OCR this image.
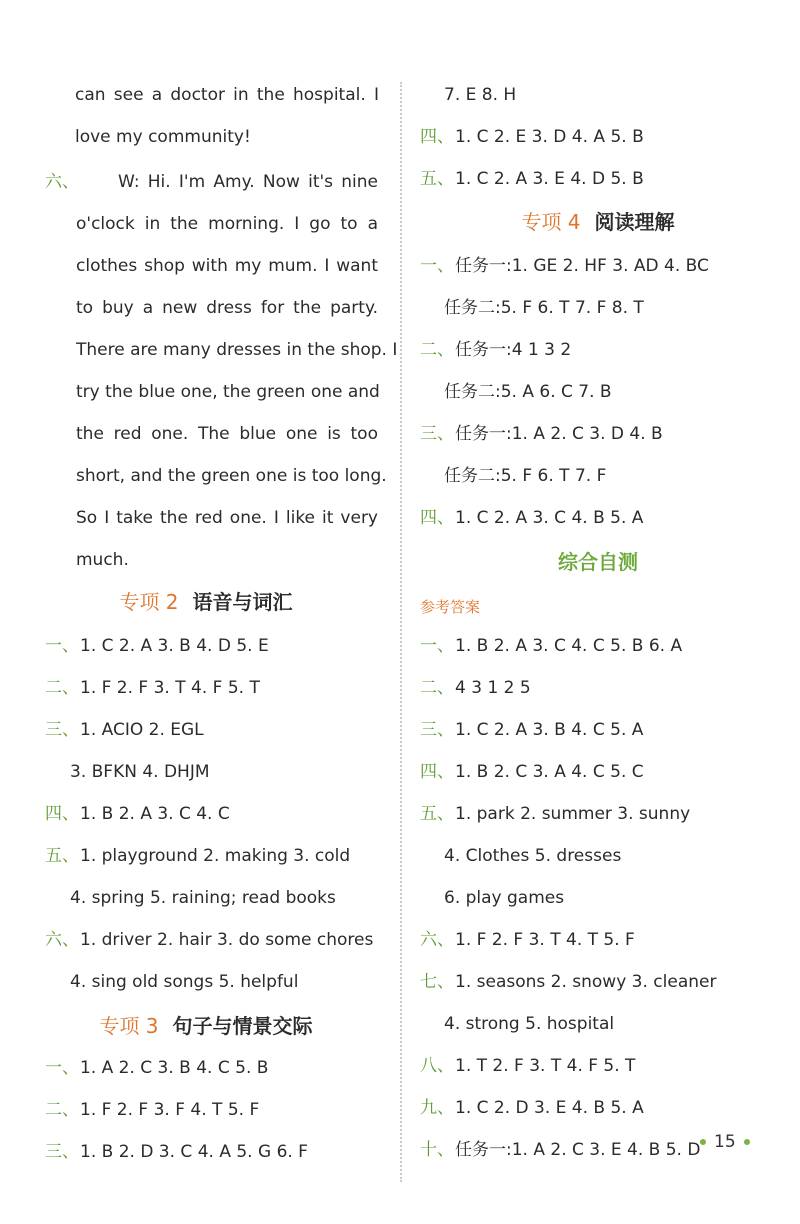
can see a doctor in the hospital. I
love my community!
六、 W: Hi. I'm Amy. Now it's nine
o'clock in the morning. I go to a
clothes shop with my mum. I want
to buy a new dress for the party.
There are many dresses in the shop. I
try the blue one, the green one and
the red one. The blue one is too
short, and the green one is too long.
So I take the red one. I like it very
much.
专项 2 语音与词汇
一、1. C 2. A 3. B 4. D 5. E
二、1. F 2. F 3. T 4. F 5. T
三、1. ACIO 2. EGL
3. BFKN 4. DHJM
四、1. B 2. A 3. C 4. C
五、1. playground 2. making 3. cold
4. spring 5. raining; read books
六、1. driver 2. hair 3. do some chores
4. sing old songs 5. helpful
专项 3 句子与情景交际
一、1. A 2. C 3. B 4. C 5. B
二、1. F 2. F 3. F 4. T 5. F
三、1. B 2. D 3. C 4. A 5. G 6. F
7. E 8. H
四、1. C 2. E 3. D 4. A 5. B
五、1. C 2. A 3. E 4. D 5. B
专项 4 阅读理解
一、任务一:1. GE 2. HF 3. AD 4. BC
任务二:5. F 6. T 7. F 8. T
二、任务一:4 1 3 2
任务二:5. A 6. C 7. B
三、任务一:1. A 2. C 3. D 4. B
任务二:5. F 6. T 7. F
四、1. C 2. A 3. C 4. B 5. A
综合自测
参考答案
一、1. B 2. A 3. C 4. C 5. B 6. A
二、4 3 1 2 5
三、1. C 2. A 3. B 4. C 5. A
四、1. B 2. C 3. A 4. C 5. C
五、1. park 2. summer 3. sunny
4. Clothes 5. dresses
6. play games
六、1. F 2. F 3. T 4. T 5. F
七、1. seasons 2. snowy 3. cleaner
4. strong 5. hospital
八、1. T 2. F 3. T 4. F 5. T
九、1. C 2. D 3. E 4. B 5. A
十、任务一:1. A 2. C 3. E 4. B 5. D 15
